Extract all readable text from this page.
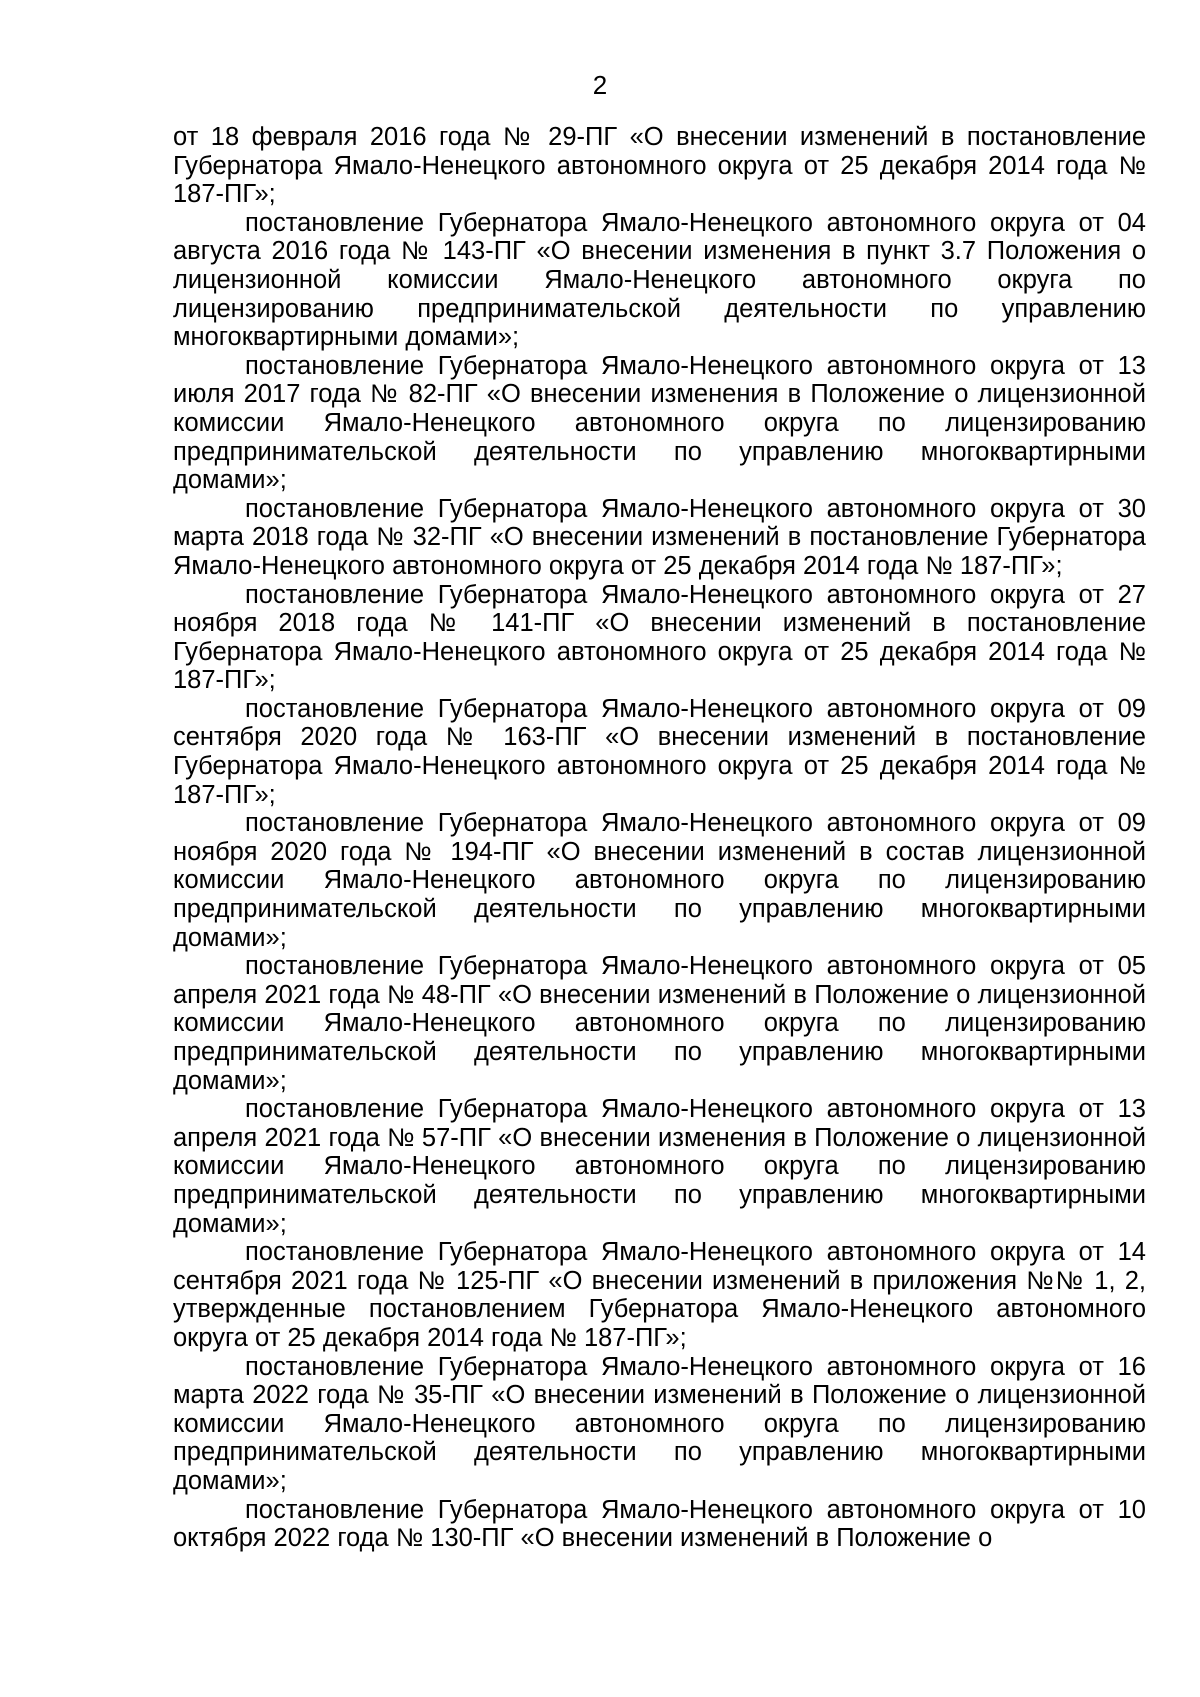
2

от 18 февраля 2016 года № 29-ПГ «О внесении изменений в постановление Губернатора Ямало-Ненецкого автономного округа от 25 декабря 2014 года № 187-ПГ»;

постановление Губернатора Ямало-Ненецкого автономного округа от 04 августа 2016 года № 143-ПГ «О внесении изменения в пункт 3.7 Положения о лицензионной комиссии Ямало-Ненецкого автономного округа по лицензированию предпринимательской деятельности по управлению многоквартирными домами»;

постановление Губернатора Ямало-Ненецкого автономного округа от 13 июля 2017 года № 82-ПГ «О внесении изменения в Положение о лицензионной комиссии Ямало-Ненецкого автономного округа по лицензированию предпринимательской деятельности по управлению многоквартирными домами»;

постановление Губернатора Ямало-Ненецкого автономного округа от 30 марта 2018 года № 32-ПГ «О внесении изменений в постановление Губернатора Ямало-Ненецкого автономного округа от 25 декабря 2014 года № 187-ПГ»;

постановление Губернатора Ямало-Ненецкого автономного округа от 27 ноября 2018 года № 141-ПГ «О внесении изменений в постановление Губернатора Ямало-Ненецкого автономного округа от 25 декабря 2014 года № 187-ПГ»;

постановление Губернатора Ямало-Ненецкого автономного округа от 09 сентября 2020 года № 163-ПГ «О внесении изменений в постановление Губернатора Ямало-Ненецкого автономного округа от 25 декабря 2014 года № 187-ПГ»;

постановление Губернатора Ямало-Ненецкого автономного округа от 09 ноября 2020 года № 194-ПГ «О внесении изменений в состав лицензионной комиссии Ямало-Ненецкого автономного округа по лицензированию предпринимательской деятельности по управлению многоквартирными домами»;

постановление Губернатора Ямало-Ненецкого автономного округа от 05 апреля 2021 года № 48-ПГ «О внесении изменений в Положение о лицензионной комиссии Ямало-Ненецкого автономного округа по лицензированию предпринимательской деятельности по управлению многоквартирными домами»;

постановление Губернатора Ямало-Ненецкого автономного округа от 13 апреля 2021 года № 57-ПГ «О внесении изменения в Положение о лицензионной комиссии Ямало-Ненецкого автономного округа по лицензированию предпринимательской деятельности по управлению многоквартирными домами»;

постановление Губернатора Ямало-Ненецкого автономного округа от 14 сентября 2021 года № 125-ПГ «О внесении изменений в приложения №№ 1, 2, утвержденные постановлением Губернатора Ямало-Ненецкого автономного округа от 25 декабря 2014 года № 187-ПГ»;

постановление Губернатора Ямало-Ненецкого автономного округа от 16 марта 2022 года № 35-ПГ «О внесении изменений в Положение о лицензионной комиссии Ямало-Ненецкого автономного округа по лицензированию предпринимательской деятельности по управлению многоквартирными домами»;

постановление Губернатора Ямало-Ненецкого автономного округа от 10 октября 2022 года № 130-ПГ «О внесении изменений в Положение о
